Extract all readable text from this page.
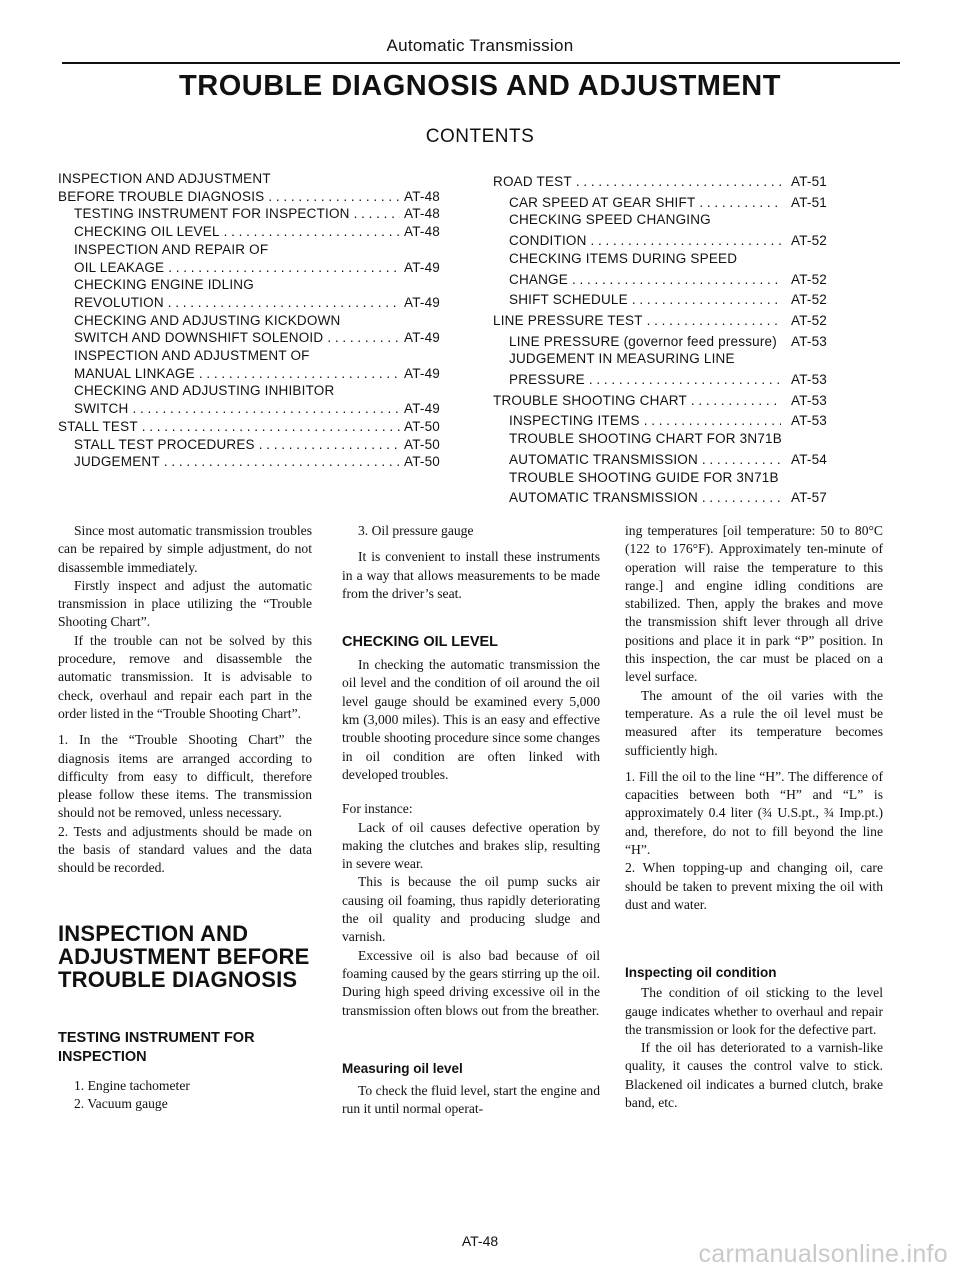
Automatic Transmission
TROUBLE DIAGNOSIS AND ADJUSTMENT
CONTENTS
INSPECTION AND ADJUSTMENT
BEFORE TROUBLE DIAGNOSIS . . .	AT-48
TESTING INSTRUMENT FOR INSPECTION . . .	AT-48
CHECKING OIL LEVEL . . .	AT-48
INSPECTION AND REPAIR OF
OIL LEAKAGE . . .	AT-49
CHECKING ENGINE IDLING
REVOLUTION . . .	AT-49
CHECKING AND ADJUSTING KICKDOWN
SWITCH AND DOWNSHIFT SOLENOID . . .	AT-49
INSPECTION AND ADJUSTMENT OF
MANUAL LINKAGE . . .	AT-49
CHECKING AND ADJUSTING INHIBITOR
SWITCH . . .	AT-49
STALL TEST . . .	AT-50
STALL TEST PROCEDURES . . .	AT-50
JUDGEMENT . . .	AT-50
ROAD TEST . . .	AT-51
CAR SPEED AT GEAR SHIFT . . .	AT-51
CHECKING SPEED CHANGING
CONDITION . . .	AT-52
CHECKING ITEMS DURING SPEED
CHANGE . . .	AT-52
SHIFT SCHEDULE . . .	AT-52
LINE PRESSURE TEST . . .	AT-52
LINE PRESSURE (governor feed pressure) . . .	AT-53
JUDGEMENT IN MEASURING LINE
PRESSURE . . .	AT-53
TROUBLE SHOOTING CHART . . .	AT-53
INSPECTING ITEMS . . .	AT-53
TROUBLE SHOOTING CHART FOR 3N71B
AUTOMATIC TRANSMISSION . . .	AT-54
TROUBLE SHOOTING GUIDE FOR 3N71B
AUTOMATIC TRANSMISSION . . .	AT-57

Since most automatic transmission troubles can be repaired by simple adjustment, do not disassemble immediately.

Firstly inspect and adjust the automatic transmission in place utilizing the “Trouble Shooting Chart”.

If the trouble can not be solved by this procedure, remove and disassemble the automatic transmission. It is advisable to check, overhaul and repair each part in the order listed in the “Trouble Shooting Chart”.

1. In the “Trouble Shooting Chart” the diagnosis items are arranged according to difficulty from easy to difficult, therefore please follow these items. The transmission should not be removed, unless necessary.

2. Tests and adjustments should be made on the basis of standard values and the data should be recorded.

INSPECTION AND ADJUSTMENT BEFORE TROUBLE DIAGNOSIS
TESTING INSTRUMENT FOR INSPECTION

1. Engine tachometer

2. Vacuum gauge

3. Oil pressure gauge

It is convenient to install these instruments in a way that allows measurements to be made from the driver’s seat.

CHECKING OIL LEVEL

In checking the automatic transmission the oil level and the condition of oil around the oil level gauge should be examined every 5,000 km (3,000 miles). This is an easy and effective trouble shooting procedure since some changes in oil condition are often linked with developed troubles.

For instance:

Lack of oil causes defective operation by making the clutches and brakes slip, resulting in severe wear.

This is because the oil pump sucks air causing oil foaming, thus rapidly deteriorating the oil quality and producing sludge and varnish.

Excessive oil is also bad because of oil foaming caused by the gears stirring up the oil. During high speed driving excessive oil in the transmission often blows out from the breather.

Measuring oil level

To check the fluid level, start the engine and run it until normal operat-

ing temperatures [oil temperature: 50 to 80°C (122 to 176°F). Approximately ten-minute of operation will raise the temperature to this range.] and engine idling conditions are stabilized. Then, apply the brakes and move the transmission shift lever through all drive positions and place it in park “P” position. In this inspection, the car must be placed on a level surface.

The amount of the oil varies with the temperature. As a rule the oil level must be measured after its temperature becomes sufficiently high.

1. Fill the oil to the line “H”. The difference of capacities between both “H” and “L” is approximately 0.4 liter (¾ U.S.pt., ¾ Imp.pt.) and, therefore, do not to fill beyond the line “H”.

2. When topping-up and changing oil, care should be taken to prevent mixing the oil with dust and water.

Inspecting oil condition

The condition of oil sticking to the level gauge indicates whether to overhaul and repair the transmission or look for the defective part.

If the oil has deteriorated to a varnish-like quality, it causes the control valve to stick. Blackened oil indicates a burned clutch, brake band, etc.

AT-48	carmanualsonline.info
